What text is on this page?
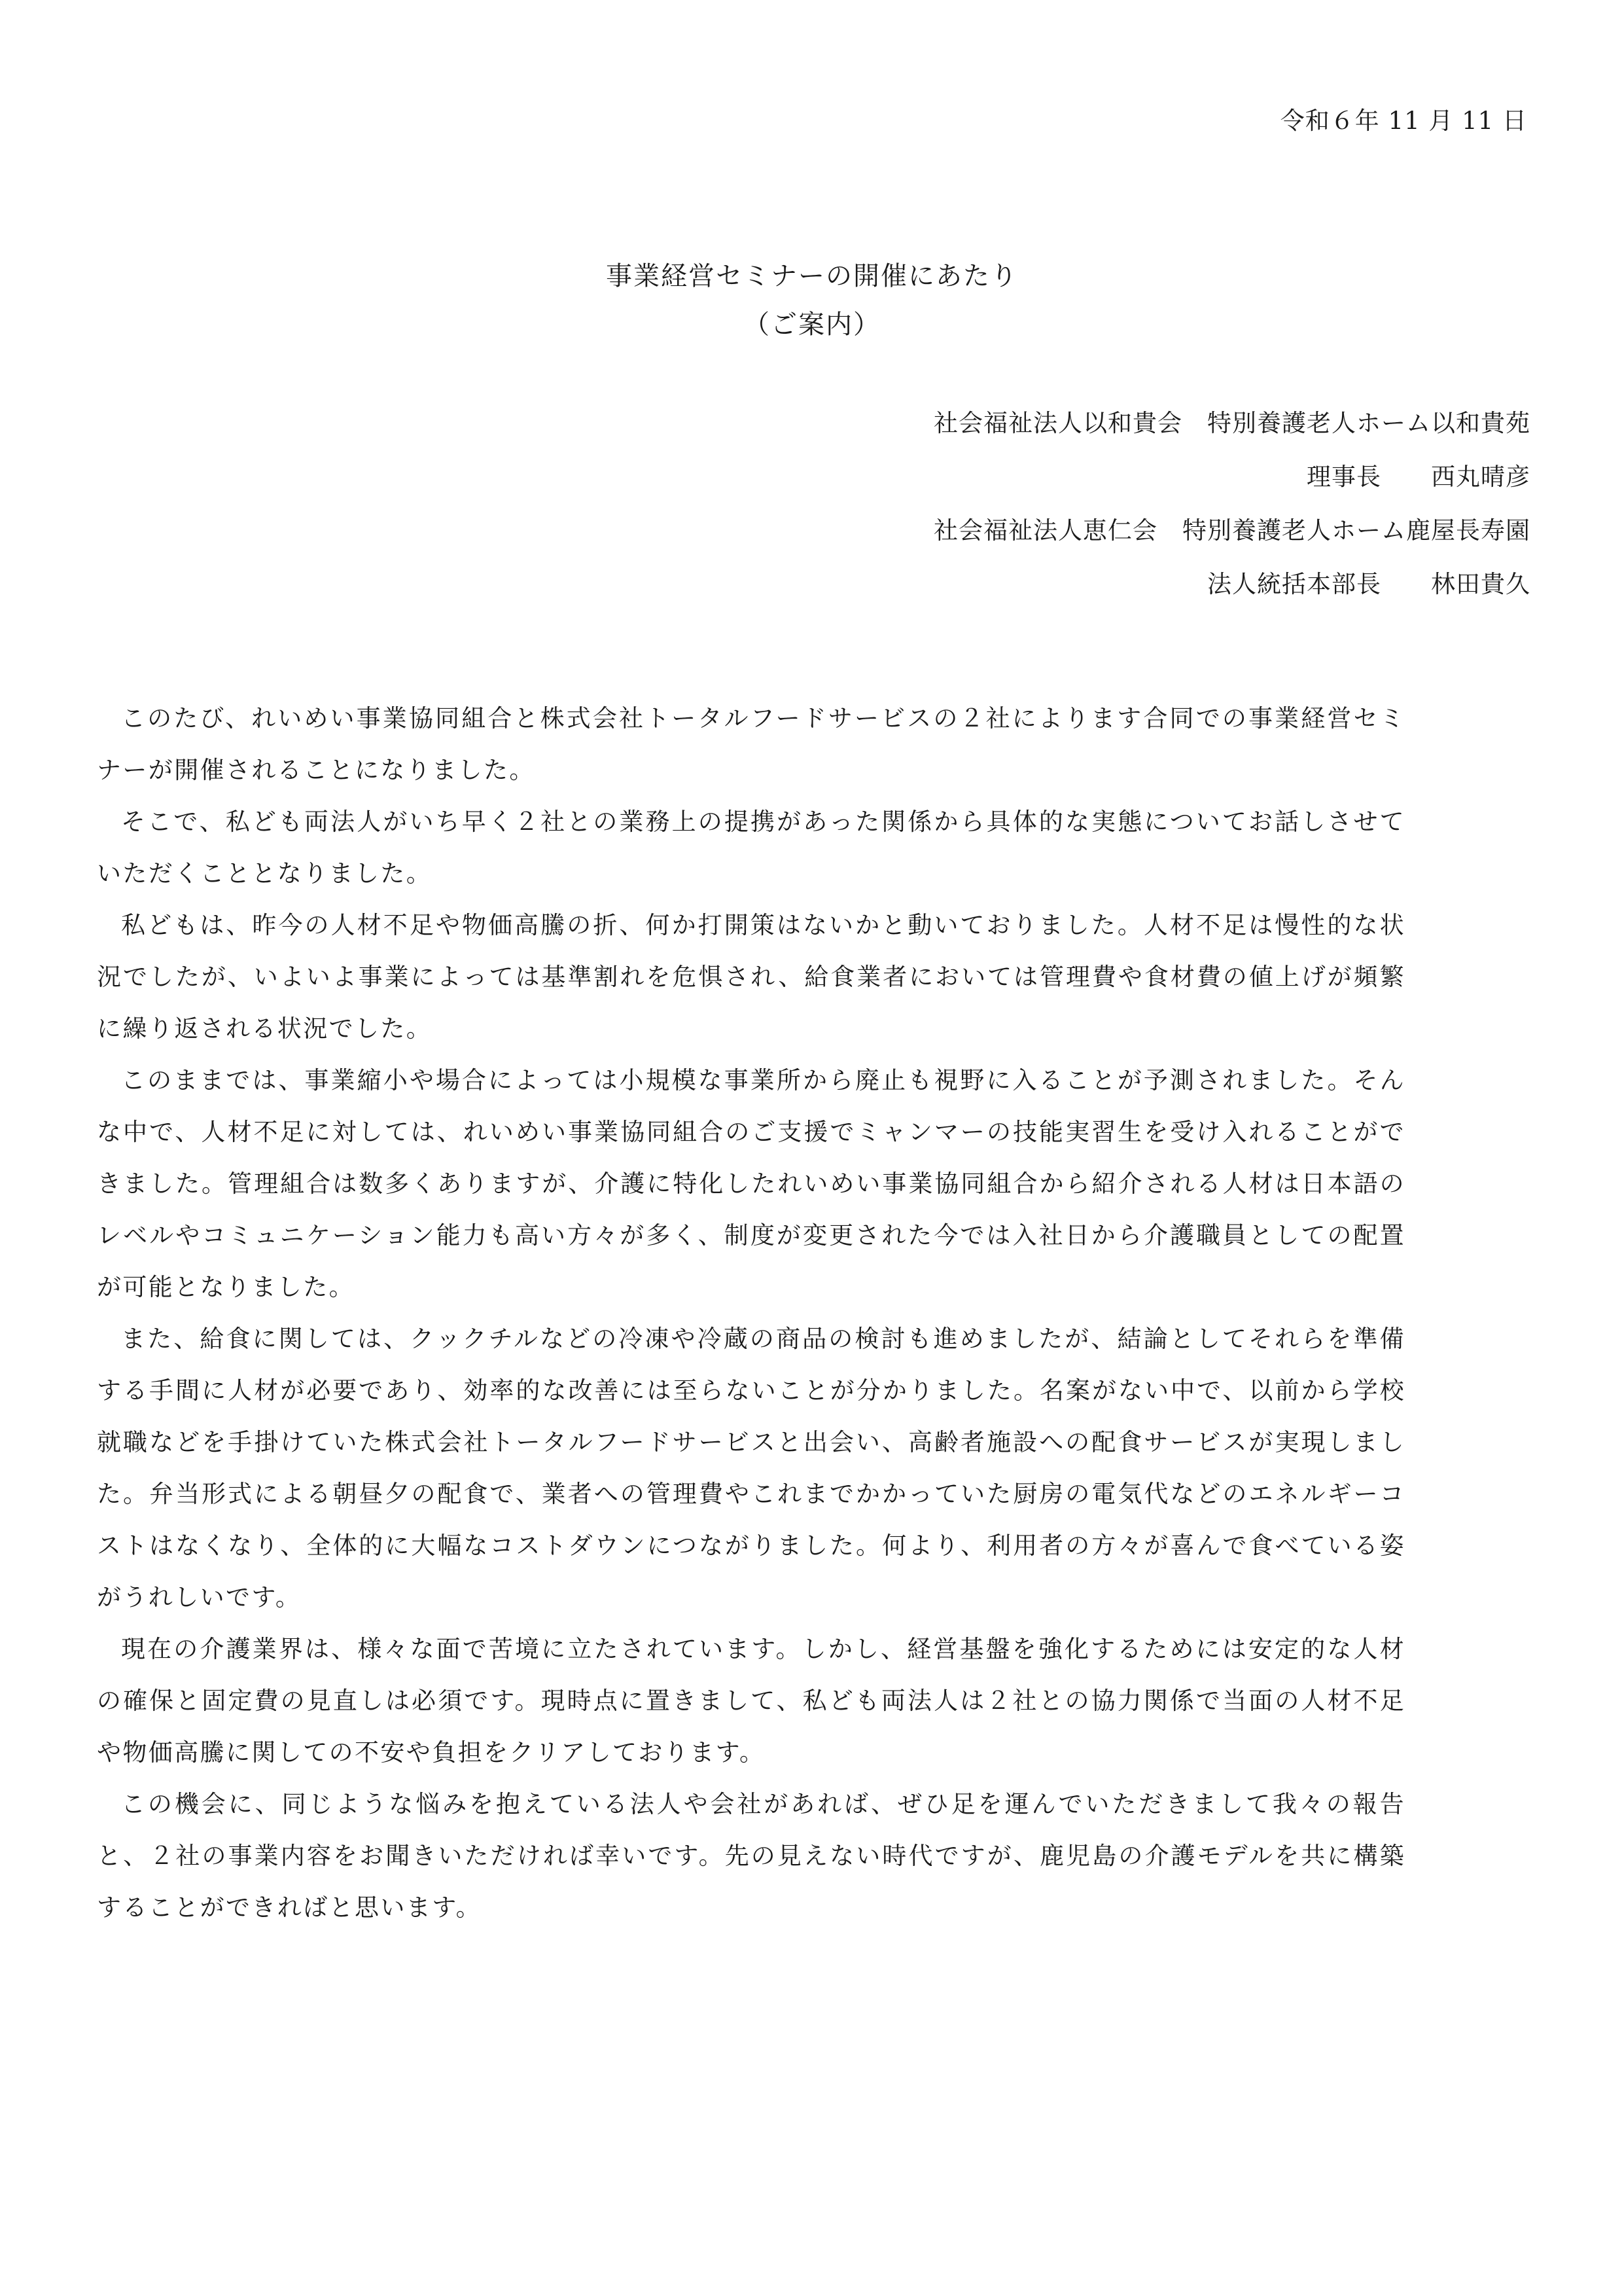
令和６年 11 月 11 日
事業経営セミナーの開催にあたり
（ご案内）
社会福祉法人以和貴会　特別養護老人ホーム以和貴苑
理事長　　西丸晴彦
社会福祉法人恵仁会　特別養護老人ホーム鹿屋長寿園
法人統括本部長　　林田貴久

このたび、れいめい事業協同組合と株式会社トータルフードサービスの２社によります合同での事業経営セミナーが開催されることになりました。

そこで、私ども両法人がいち早く２社との業務上の提携があった関係から具体的な実態についてお話しさせていただくこととなりました。

私どもは、昨今の人材不足や物価高騰の折、何か打開策はないかと動いておりました。人材不足は慢性的な状況でしたが、いよいよ事業によっては基準割れを危惧され、給食業者においては管理費や食材費の値上げが頻繁に繰り返される状況でした。

このままでは、事業縮小や場合によっては小規模な事業所から廃止も視野に入ることが予測されました。そんな中で、人材不足に対しては、れいめい事業協同組合のご支援でミャンマーの技能実習生を受け入れることができました。管理組合は数多くありますが、介護に特化したれいめい事業協同組合から紹介される人材は日本語のレベルやコミュニケーション能力も高い方々が多く、制度が変更された今では入社日から介護職員としての配置が可能となりました。

また、給食に関しては、クックチルなどの冷凍や冷蔵の商品の検討も進めましたが、結論としてそれらを準備する手間に人材が必要であり、効率的な改善には至らないことが分かりました。名案がない中で、以前から学校就職などを手掛けていた株式会社トータルフードサービスと出会い、高齢者施設への配食サービスが実現しました。弁当形式による朝昼夕の配食で、業者への管理費やこれまでかかっていた厨房の電気代などのエネルギーコストはなくなり、全体的に大幅なコストダウンにつながりました。何より、利用者の方々が喜んで食べている姿がうれしいです。

現在の介護業界は、様々な面で苦境に立たされています。しかし、経営基盤を強化するためには安定的な人材の確保と固定費の見直しは必須です。現時点に置きまして、私ども両法人は２社との協力関係で当面の人材不足や物価高騰に関しての不安や負担をクリアしております。

この機会に、同じような悩みを抱えている法人や会社があれば、ぜひ足を運んでいただきまして我々の報告と、２社の事業内容をお聞きいただければ幸いです。先の見えない時代ですが、鹿児島の介護モデルを共に構築することができればと思います。
